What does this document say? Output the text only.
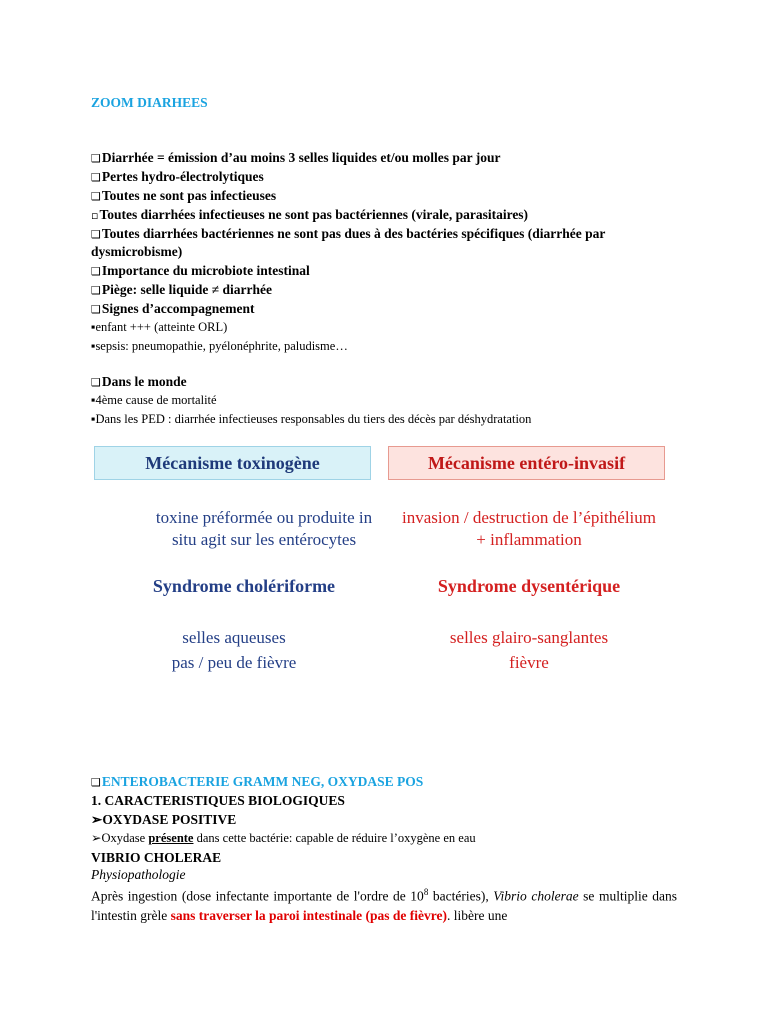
ZOOM DIARHEES
❑Diarrhée = émission d’au moins 3 selles liquides et/ou molles par jour
❑Pertes hydro-électrolytiques
❑Toutes ne sont pas infectieuses
▫Toutes diarrhées infectieuses ne sont pas bactériennes (virale, parasitaires)
❑Toutes diarrhées bactériennes ne sont pas dues à des bactéries spécifiques (diarrhée par
dysmicrobisme)
❑Importance du microbiote intestinal
❑Piège: selle liquide ≠ diarrhée
❑Signes d’accompagnement
▪enfant +++ (atteinte ORL)
▪sepsis: pneumopathie, pyélonéphrite, paludisme…
❑Dans le monde
▪4ème cause de mortalité
▪Dans les PED : diarrhée infectieuses responsables du tiers des décès par déshydratation
Mécanisme toxinogène	Mécanisme entéro-invasif
toxine préformée ou produite in
situ agit sur les entérocytes
invasion / destruction de l’épithélium
+ inflammation
Syndrome cholériforme	Syndrome dysentérique
selles aqueuses
pas / peu de fièvre
selles glairo-sanglantes
fièvre
❑ENTEROBACTERIE GRAMM NEG, OXYDASE POS
1. CARACTERISTIQUES BIOLOGIQUES
➢OXYDASE POSITIVE
➢Oxydase présente dans cette bactérie: capable de réduire l’oxygène en eau
VIBRIO CHOLERAE
Physiopathologie
Après ingestion (dose infectante importante de l'ordre de $10^8$ bactéries), Vibrio cholerae se multiplie dans l'intestin grèle sans traverser la paroi intestinale (pas de fièvre). libère une
